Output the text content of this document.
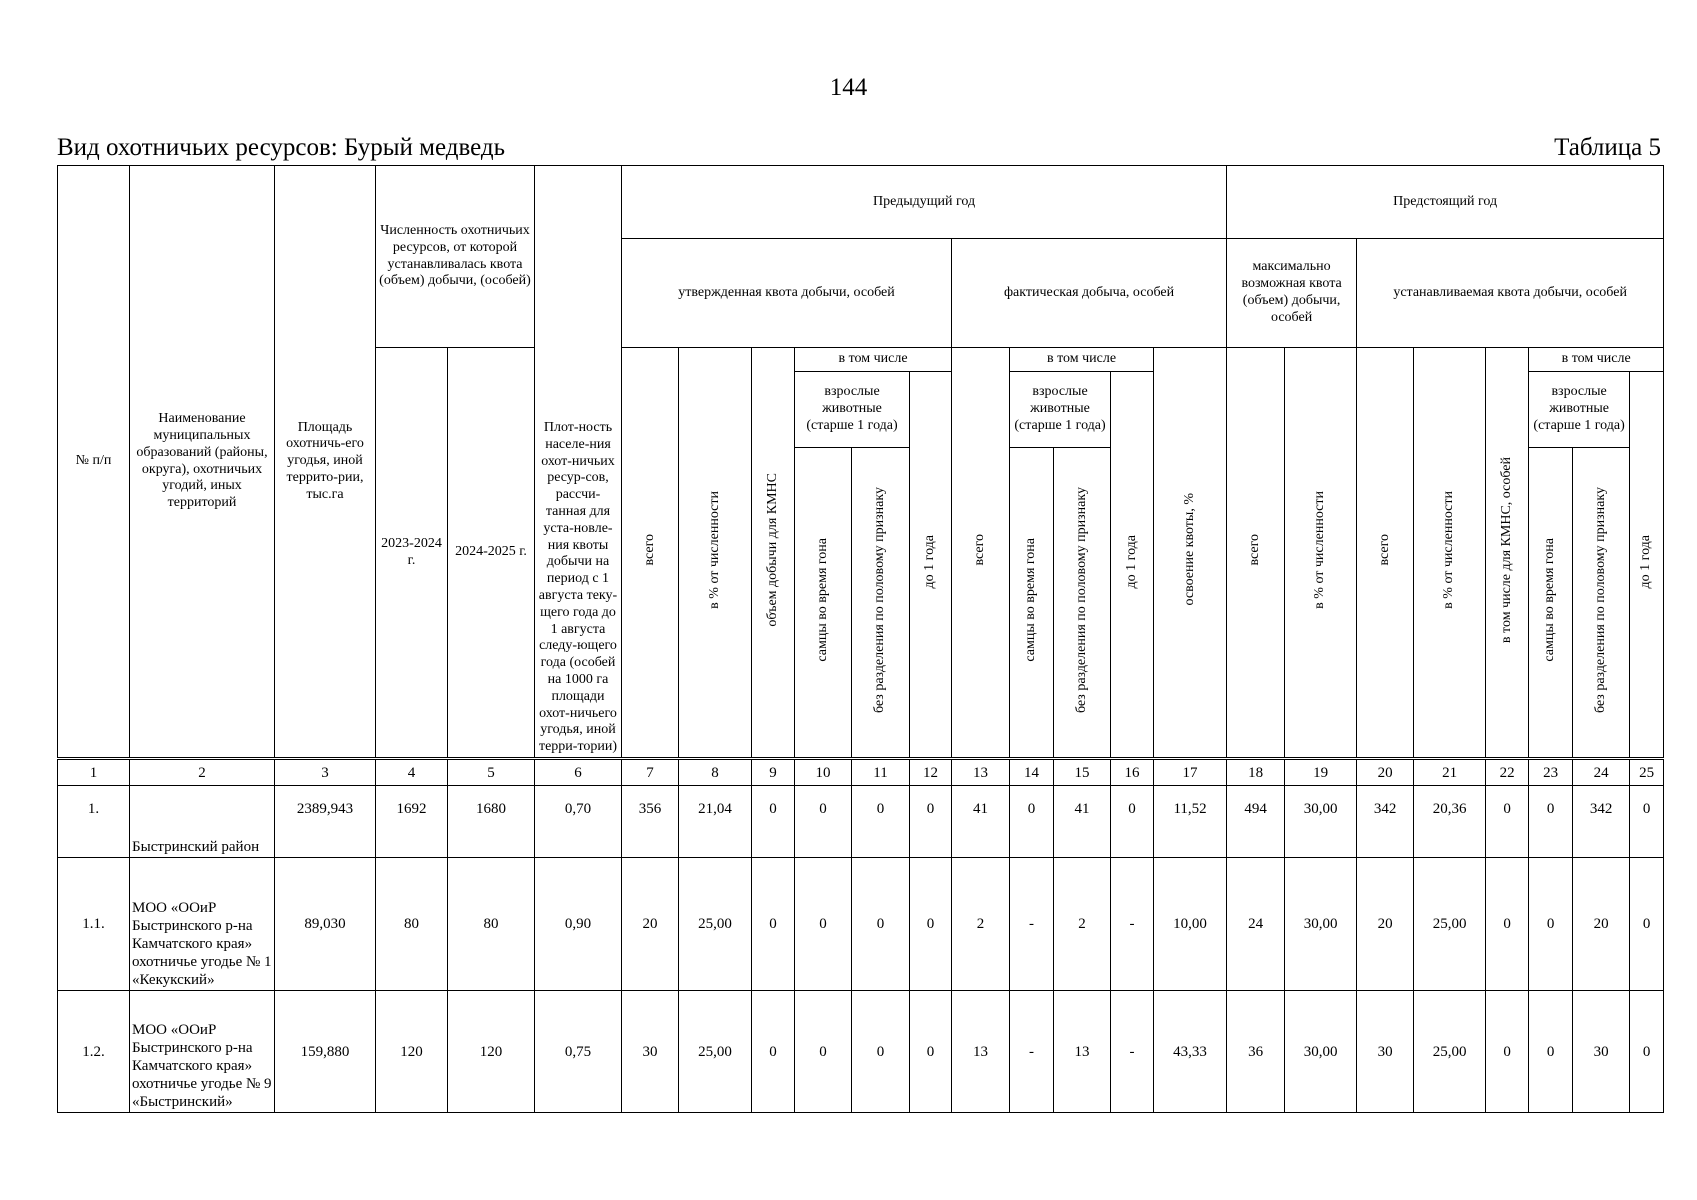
144
Вид охотничьих ресурсов: Бурый медведь	Таблица 5
№ п/п	Наименование муниципальных образований (районы, округа), охотничьих угодий, иных территорий	Площадь охотничь-его угодья, иной террито-рии, тыс.га	Численность охотничьих ресурсов, от которой устанавливалась квота (объем) добычи, (особей)		Плот-ность населе-ния охот-ничьих ресур-сов, рассчи-танная для уста-новле-ния квоты добычи на период с 1 августа теку-щего года до 1 августа следу-ющего года (особей на 1000 га площади охот-ничьего угодья, иной терри-тории)	Предыдущий год											Предстоящий год							
						утвержденная квота добычи, особей						фактическая добыча, особей					максимально возможная квота (объем) добычи, особей		устанавливаемая квота добычи, особей					
			2023-2024 г.	2024-2025 г.		всего	в % от численности	объем добычи для КМНС	в том числе			всего	в том числе			освоение квоты, %	всего	в % от численности	всего	в % от численности	в том числе для КМНС, особей	в том числе		
									взрослые животные (старше 1 года)		до 1 года		взрослые животные (старше 1 года)		до 1 года							взрослые животные (старше 1 года)		до 1 года
									самцы во время гона	без разделения по половому признаку			самцы во время гона	без разделения по половому признаку								самцы во время гона	без разделения по половому признаку	
1	2	3	4	5	6	7	8	9	10	11	12	13	14	15	16	17	18	19	20	21	22	23	24	25
1.	Быстринский район	2389,943	1692	1680	0,70	356	21,04	0	0	0	0	41	0	41	0	11,52	494	30,00	342	20,36	0	0	342	0
1.1.	МОО «ООиР Быстринского р-на Камчатского края» охотничье угодье № 1 «Кекукский»	89,030	80	80	0,90	20	25,00	0	0	0	0	2	-	2	-	10,00	24	30,00	20	25,00	0	0	20	0
1.2.	МОО «ООиР Быстринского р-на Камчатского края» охотничье угодье № 9 «Быстринский»	159,880	120	120	0,75	30	25,00	0	0	0	0	13	-	13	-	43,33	36	30,00	30	25,00	0	0	30	0
